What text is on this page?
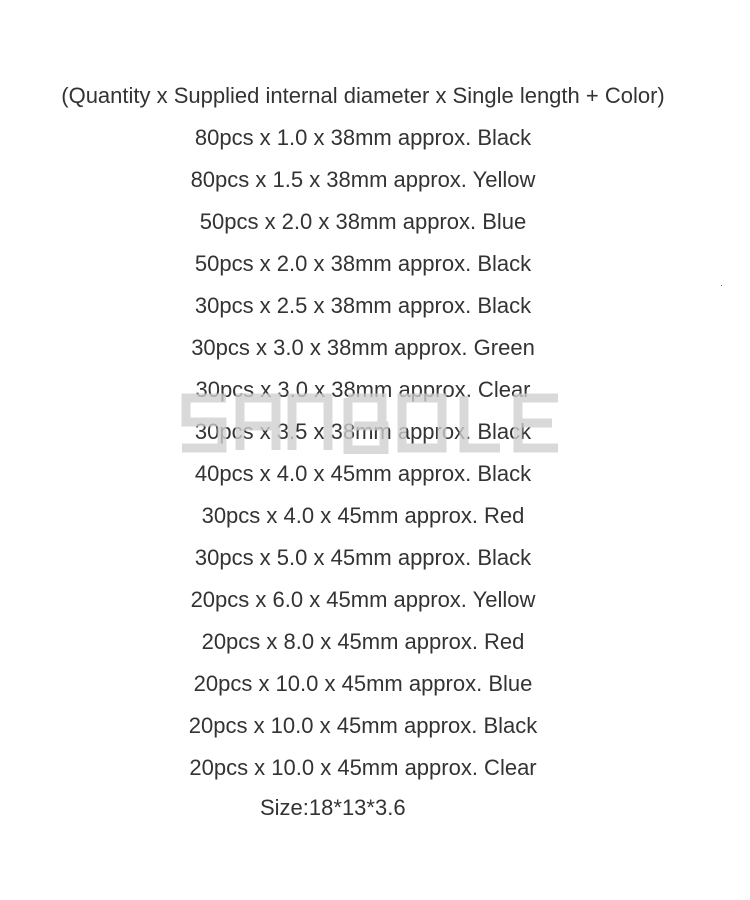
(Quantity x Supplied internal diameter x Single length + Color)
80pcs x 1.0 x 38mm approx. Black
80pcs x 1.5 x 38mm approx. Yellow
50pcs x 2.0 x 38mm approx. Blue
50pcs x 2.0 x 38mm approx. Black
30pcs x 2.5 x 38mm approx. Black
30pcs x 3.0 x 38mm approx. Green
30pcs x 3.0 x 38mm approx. Clear
30pcs x 3.5 x 38mm approx. Black
40pcs x 4.0 x 45mm approx. Black
30pcs x 4.0 x 45mm approx. Red
30pcs x 5.0 x 45mm approx. Black
20pcs x 6.0 x 45mm approx. Yellow
20pcs x 8.0 x 45mm approx. Red
20pcs x 10.0 x 45mm approx. Blue
20pcs x 10.0 x 45mm approx. Black
20pcs x 10.0 x 45mm approx. Clear
Size:18*13*3.6
